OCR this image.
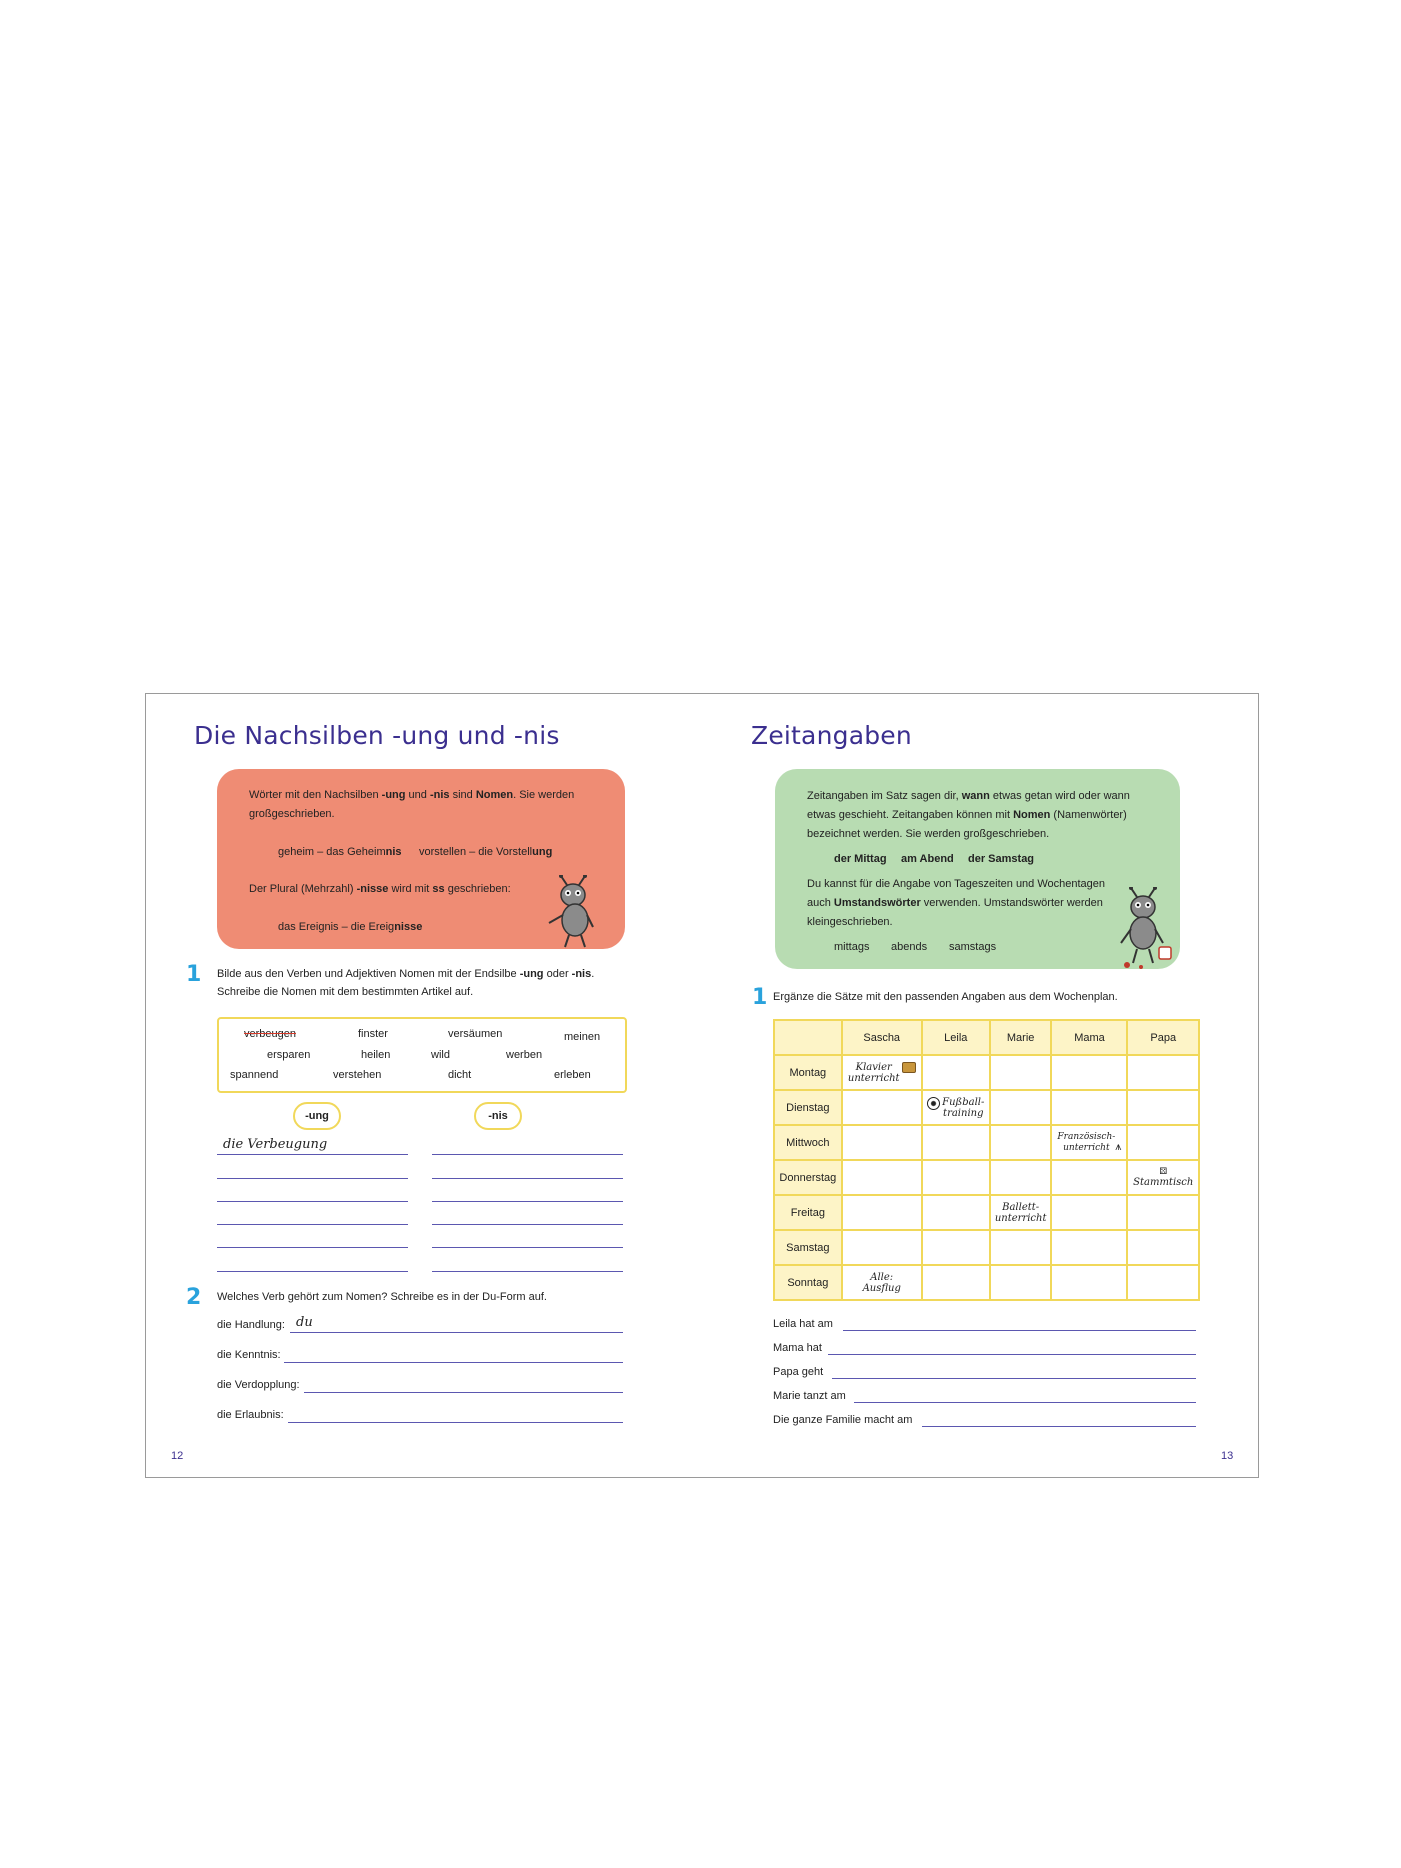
Die Nachsilben -ung und -nis
Wörter mit den Nachsilben -ung und -nis sind Nomen. Sie werden
großgeschrieben.
geheim – das Geheimnis vorstellen – die Vorstellung
Der Plural (Mehrzahl) -nisse wird mit ss geschrieben:
das Ereignis – die Ereignisse
1 Bilde aus den Verben und Adjektiven Nomen mit der Endsilbe -ung oder -nis.
Schreibe die Nomen mit dem bestimmten Artikel auf.
verbeugen	finster	versäumen	meinen
ersparen	heilen	wild	werben
spannend	verstehen	dicht	erleben
-ung	-nis
die Verbeugung
2 Welches Verb gehört zum Nomen? Schreibe es in der Du-Form auf.
die Handlung: du
die Kenntnis:
die Verdopplung:
die Erlaubnis:
12
Zeitangaben
Zeitangaben im Satz sagen dir, wann etwas getan wird oder wann
etwas geschieht. Zeitangaben können mit Nomen (Namenwörter)
bezeichnet werden. Sie werden großgeschrieben.
der Mittag am Abend der Samstag
Du kannst für die Angabe von Tageszeiten und Wochentagen
auch Umstandswörter verwenden. Umstandswörter werden
kleingeschrieben.
mittags abends samstags
1 Ergänze die Sätze mit den passenden Angaben aus dem Wochenplan.
	Sascha	Leila	Marie	Mama	Papa
Montag	Klavier
unterricht				
Dienstag		Fußball-
training			
Mittwoch				Französisch-
unterricht ⩚	
Donnerstag					⚄
Stammtisch
Freitag			Ballett-
unterricht		
Samstag					
Sonntag	Alle:
Ausflug				
Leila hat am
Mama hat
Papa geht
Marie tanzt am
Die ganze Familie macht am
13
